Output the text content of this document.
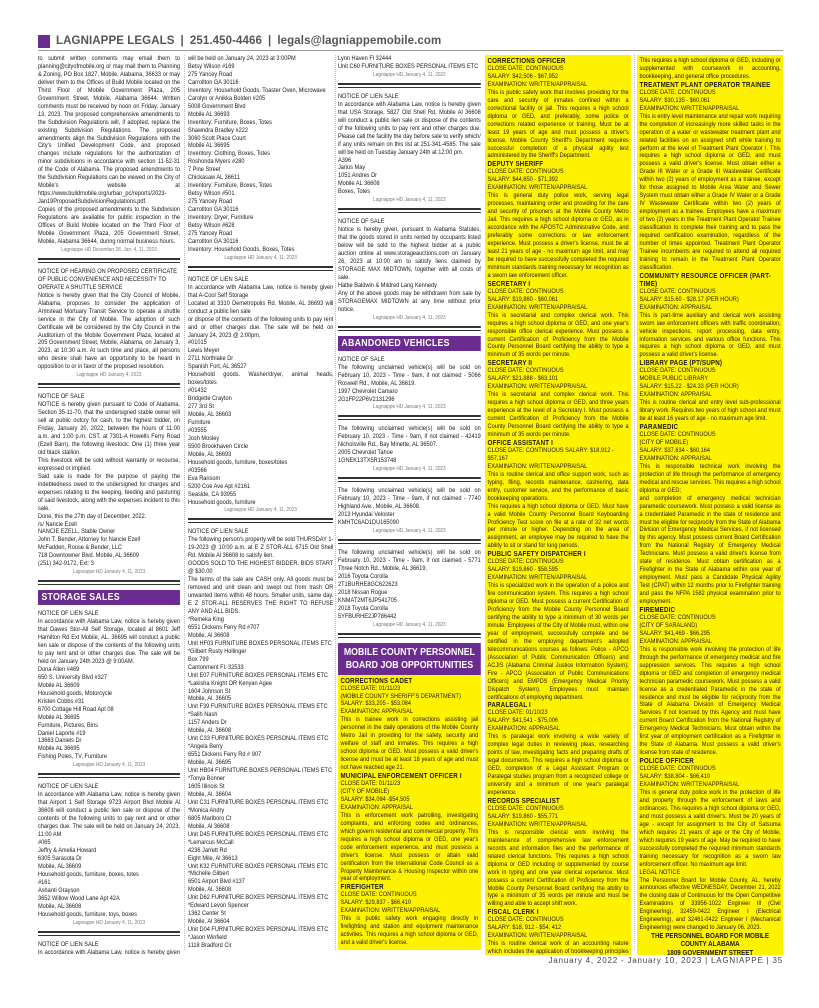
LAGNIAPPE LEGALS | 251.450-4466 | legals@lagniappemobile.com
to submit written comments may email them to planning@cityofmobile.org or may mail them to Planning & Zoning, PO Box 1827, Mobile, Alabama, 36633 or may deliver them to the Offices of Build Mobile located on the Third Floor of Mobile Government Plaza, 205 Government Street, Mobile, Alabama 36644. Written comments must be received by noon on Friday, January 13, 2023. The proposed comprehensive amendments to the Subdivision Regulations will, if adopted, replace the existing Subdivision Regulations. The proposed amendments align the Subdivision Regulations with the City's Unified Development Code, and proposed changes include regulations for the authorization of minor subdivisions in accordance with section 11-52-31 of the Code of Alabama. The proposed amendments to the Subdivision Regulations can be viewed on the City of Mobile's website at https://www.buildmobile.org/urban_pc/reports/2023-Jan19ProposedSubdivisionRegulations.pdf.
Copies of the proposed amendments to the Subdivision Regulations are available for public inspection in the Offices of Build Mobile located on the Third Floor of Mobile Government Plaza, 205 Government Street, Mobile, Alabama 36644, during normal business hours.
Lagniappe HD December 28, Jan. 4, 11, 2023
NOTICE OF HEARING ON PROPOSED CERTIFICATE OF PUBLIC CONVENIENCE AND NECESSITY TO OPERATE A SHUTTLE SERVICE
Notice is hereby given that the City Council of Mobile, Alabama, proposes to consider the application of Armstead Mortuary Transit Service to operate a shuttle service in the City of Mobile. The adoption of such Certificate will be considered by the City Council in the Auditorium of the Mobile Government Plaza, located at 205 Government Street, Mobile, Alabama, on January 3, 2023, at 10:30 a.m. At such time and place, all persons who desire shall have an opportunity to be heard in opposition to or in favor of the proposed resolution.
Lagniappe HD January 4, 2023
NOTICE OF SALE
NOTICE is hereby given pursuant to Code of Alabama, Section 35-11-70, that the undersigned stable owner will sell at public outcry for cash, to the highest bidder, on Friday, January 20, 2022, between the hours of 11:00 a.m. and 1:00 p.m. CST, at 7301-A Howells Ferry Road (Ezell Barn), the following livestock: One (1) three year old black stallion.
This livestock will be sold without warranty or recourse, expressed or implied.
Said sale is made for the purpose of paying the indebtedness owed to the undersigned for charges and expenses relating to the keeping, feeding and pasturing of said livestock, along with the expenses incident to this sale.
Done, this the 27th day of December, 2022.
/s/ Nancie Ezell
NANCIE EZELL, Stable Owner
John T. Bender, Attorney for Nancie Ezell
McFadden, Rouse & Bender, LLC
718 Downtowner Blvd. Mobile, AL 36609
(251) 342-9172, Ext: 3
Lagniappe HD January 4, 11, 2023
STORAGE SALES
NOTICE OF LIEN SALE
In accordance with Alabama Law, notice is hereby given that Dawes Stor-All Self Storage, located at 8601 Jeff Hamilton Rd Ext Mobile, AL. 36695 will conduct a public lien sale or dispose of the contents of the following units to pay rent and or other charges due. The sale will be held on January 24th 2023 @ 9:00AM.
Dona Allen #469
650 S. University Blvd #327
Mobile AL 36609
Household goods, Motorcycle
Kristen Cobbs #31
6700 Cottage Hill Road Apt 08
Mobile AL 36695
Furniture, Pictures, Bins
Daniel Laporte #19
13663 Daniels Dr
Mobile AL 36695
Fishing Poles, TV, Furniture
Lagniappe HD January 4, 11, 2023
NOTICE OF LIEN SALE
In accordance with Alabama Law, notice is hereby given that Airport 1 Self Storage 9723 Airport Blvd Mobile Al 36608 will conduct a public lien sale or dispose of the contents of the following units to pay rent and or other charges due. The sale will be held on January 24, 2023, 11:00 AM
#065
Jeffry & Amelia Howard
6305 Sarasota Dr
Mobile, AL 36609
Household goods, furniture, boxes, totes
#161
Ashanti Grayson
3652 Willow Wood Lane Apt 42A
Mobile, AL 36608
Household goods, furniture, toys, boxes
Lagniappe HD January 4, 11, 2023
NOTICE OF LIEN SALE
In accordance with Alabama Law, notice is hereby given
will be held on January 24, 2023 at 3:00PM
Betsy Wilson #169
275 Yancey Road
Carrollton GA 30116
Inventory: Household Goods, Toaster Oven, Microwave
Carolyn or Anikka Bolden #205
5008 Government Blvd
Mobile AL 36693
Inventory: Furniture, Boxes, Totes
Shawndra Bradley #222
3060 Scott Place Court
Mobile AL 36695
Inventory: Clothing, Boxes, Totes
Roshonda Myers #280
7 Pine Street
Chickasaw AL 36611
Inventory: Furniture, Boxes, Totes
Betsy Wilson #501
275 Yancey Road
Carrollton GA 30116
Inventory: Dryer, Furniture
Betsy Wilson #628
275 Yancey Road
Carrollton GA 30116
Inventory: Household Goods, Boxes, Totes
Lagniappe HD January 4, 11, 2023
NOTICE OF LIEN SALE
In accordance with Alabama Law, notice is hereby given that A-Cool Self Storage
Located at 3310 Demetropolis Rd. Mobile, AL 36693 will conduct a public lien sale
or dispose of the contents of the following units to pay rent and or other charges due. The sale will be held on January 24, 2023 @ 2:00pm.
#01015
Lewis Meyer
2711 Northlake Dr
Spanish Fort, AL 36527
Household goods. Washer/dryer, animal heads, boxes/totes
#01432
Bridgette Crayton
277 3rd St
Mobile, AL 36603
Furniture
#03555
Josh Mosley
5500 Brookhaven Circle
Mobile, AL 36693
Household goods, furniture, boxes/totes
#03566
Eva Ransom
5200 Coe Ave Apt #2161
Seaside, CA 93955
Household goods, furniture
Lagniappe HD January 4, 11, 2023
NOTICE OF LIEN SALE
The following person's property will be sold THURSDAY 1-19-2023 @ 10:00 a.m. at E Z STOR-ALL 6715 Old Shell Rd. Mobile Al 36608 to satisfy lien.
GOODS SOLD TO THE HIGHEST BIDDER. BIDS START @ $30.00
The terms of the sale are CASH only. All goods must be removed and unit clean and swept out from trash OR unwanted items within 48 hours. Smaller units, same day. E Z STOR-ALL RESERVES THE RIGHT TO REFUSE ANY AND ALL BIDS.
*Remeka King
6551 Dickens Ferry Rd #707
Mobile, Al 36608
Unit HF03 FURNITURE BOXES PERSONAL ITEMS ETC
*Gilbert Rusty Hollinger
Box 799
Cantonment Fl. 32533
Unit E07 FURNITURE BOXES PERSONAL ITEMS ETC
*Lakisha Knight OR Kenyan Agee
1604 Johnson St
Mobile, Al. 36605
Unit F39 FURNITURE BOXES PERSONAL ITEMS ETC
*Salih Nash
1157 Anders Dr
Mobile, Al. 36608
Unit C33 FURNITURE BOXES PERSONAL ITEMS ETC
*Angela Berry
6551 Dickens Ferry Rd # 907
Mobile, Al. 36695
Unit HB04 FURNITURE BOXES PERSONAL ITEMS ETC
*Tonya Bonner
1605 Illinois St
Mobile, Al. 36604
Unit C31 FURNITURE BOXES PERSONAL ITEMS ETC
*Monica Andry
6805 Marlboro Ct
Mobile, Al 36608
Unit D45 FURNITURE BOXES PERSONAL ITEMS ETC
*Lemarcus McCall
4236 Jarrett Rd
Eight Mile, Al 36613
Unit K32 FURNITURE BOXES PERSONAL ITEMS ETC
*Michelle Gilbert
6501 Airport Blvd #137
Mobile, Al. 36608
Unit D62 FURNITURE BOXES PERSONAL ITEMS ETC
*Edward Levon Spencer
1362 Center St
Mobile, Al 36604
Unit D04 FURNITURE BOXES PERSONAL ITEMS ETC
*Jason Winfield
1118 Bradford Cir
Lynn Haven Fl 32444
Unit C60 FURNITURE BOXES PERSONAL ITEMS ETC
Lagniappe HD January 4, 11, 2022
NOTICE OF LIEN SALE
In accordance with Alabama Law, notice is hereby given that USA Storage, 5827 Old Shell Rd, Mobile Al 36608 will conduct a public lien sale or dispose of the contents of the following units to pay rent and other charges due. Please call the facility the day before sale to verify which/ if any units remain on this list at 251-341-4585. The sale will be held on Tuesday January 24th at 12:00 pm.
A396
Jarius May
1051 Andres Dr
Mobile AL 36608
Boxes, Totes
Lagniappe HD January 4, 11, 2023
NOTICE OF SALE
Notice is hereby given, pursuant to Alabama Statutes, that the goods stored in units rented by occupants listed below will be sold to the highest bidder at a public auction online at www.storageauctions.com on January 26, 2023 at 10:00 am to satisfy liens claimed by STORAGE MAX MIDTOWN, together with all costs of sale.
Hattie Baldwin & Mildred Lang Kennedy
Any of the above goods may be withdrawn from sale by STORAGEMAX MIDTOWN at any time without prior notice.
Lagniappe HD January 4, 11, 2023
ABANDONED VEHICLES
NOTICE OF SALE
The following unclaimed vehicle(s) will be sold on February 10, 2023 - Time - 9am, if not claimed - 5066 Roswell Rd., Mobile, AL 36619.
1997 Chevrolet Camaro
2G1FP22P6V2131296
Lagniappe HD January 4, 11, 2023
The following unclaimed vehicle(s) will be sold on February 10, 2023 - Time - 9am, if not claimed - 42419 Nicholsville Rd., Bay Minette, AL 36507.
2005 Chevrolet Tahoe
1GNEK13TX5R153748
Lagniappe HD January 4, 11, 2023
The following unclaimed vehicle(s) will be sold on February 10, 2023 - Time - 9am, if not claimed - 7740 Highland Ave., Mobile, AL 36608.
2013 Hyundai Veloster
KMHTC6AD1DU165090
Lagniappe HD January 4, 11, 2023
The following unclaimed vehicle(s) will be sold on February 10, 2023 - Time - 9am, if not claimed - 5771 Three Notch Rd., Mobile, AL 36619.
2016 Toyota Corolla
2T1BURHE8GC622623
2018 Nissan Rogue
KNMAT2MT6JP541705
2018 Toyota Corolla
5YFBURHE2JP786442
Lagniappe HD January 4, 11, 2023
MOBILE COUNTY PERSONNEL BOARD JOB OPPORTUNITIES
CORRECTIONS CADET
CLOSE DATE: 01/11/23
(MOBILE COUNTY SHERIFF'S DEPARTMENT)
SALARY: $33,205 - $53,084
EXAMINATION: APPRAISAL
This is trainee work in corrections assisting jail personnel in the daily operations of the Mobile County Metro Jail in providing for the safety, security and welfare of staff and inmates. This requires a high school diploma or GED. Must possess a valid driver's license and must be at least 18 years of age and must not have reached age 21.
MUNICIPAL ENFORCEMENT OFFICER I
CLOSE DATE: 01/11/23
(CITY OF MOBILE)
SALARY: $34,094 -$54,505
EXAMINATION: APPRAISAL
This is enforcement work patrolling, investigating complaints, and enforcing codes and ordinances, which govern residential and commercial property. This requires a high school diploma or GED, one year's code enforcement experience, and must possess a driver's license. Must possess or attain valid certification from the International Code Council as a Property Maintenance & Housing Inspector within one year of employment.
FIREFIGHTER
CLOSE DATE: CONTINUOUS
SALARY: $29,837 - $66,410
EXAMINATION: WRITTEN/APPRAISAL
This is public safety work engaging directly in firefighting and station and equipment maintenance activities. This requires a high school diploma or GED, and a valid driver's license.
CORRECTIONS OFFICER
CLOSE DATE: CONTINUOUS
SALARY: $42,506 - $67,952
EXAMINATION: WRITTEN/APPRAISAL
This is public safety work that involves providing for the care and security of inmates confined within a correctional facility or jail. This requires a high school diploma or GED, and preferably, some police or corrections related experience or training. Must be at least 19 years of age and must possess a driver's license. Mobile County Sheriff's Department requires successful completion of a physical agility test administered by the Sheriff's Department.
DEPUTY SHERIFF
CLOSE DATE: CONTINUOUS
SALARY: $44,650 - $71,392
EXAMINATION: WRITTEN/APPRAISAL
This is general duty police work, serving legal processes, maintaining order and providing for the care and security of prisoners at the Mobile County Metro Jail. This requires a high school diploma or GED, as in accordance with the APOSTC Administrative Code, and preferably some corrections or law enforcement experience. Must possess a driver's license, must be at least 21 years of age - no maximum age limit, and may be required to have successfully completed the required minimum standards training necessary for recognition as a sworn law enforcement officer.
SECRETARY I
CLOSE DATE: CONTINUOUS
SALARY: $19,860 - $60,061
EXAMINATION: WRITTEN/APPRAISAL
This is secretarial and complex clerical work. This requires a high school diploma or GED, and one year's responsible office clerical experience. Must possess a current Certification of Proficiency from the Mobile County Personnel Board certifying the ability to type a minimum of 35 words per minute.
SECRETARY II
CLOSE DATE: CONTINUOUS
SALARY: $21,888 - $63,101
EXAMINATION: WRITTEN/APPRAISAL
This is secretarial and complex clerical work. This requires a high school diploma or GED, and three years experience at the level of a Secretary I. Must possess a current Certification of Proficiency from the Mobile County Personnel Board certifying the ability to type a minimum of 35 words per minute.
OFFICE ASSISTANT I
CLOSE DATE: CONTINUOUS SALARY: $18,912 - $57,167
EXAMINATION: WRITTEN/APPRAISAL
This is routine clerical and office support work, such as typing, filing, records maintenance, cashiering, data entry, customer service, and the performance of basic bookkeeping operations.
This requires a high school diploma or GED. Must have a valid Mobile County Personnel Board Keyboarding Proficiency Test score on file at a rate of 32 net words per minute or higher. Depending on the area of assignment, an employee may be required to have the ability to sit or stand for long periods.
PUBLIC SAFETY DISPATCHER I
CLOSE DATE: CONTINUOUS
SALARY: $19,860 - $58,595
EXAMINATION: WRITTEN/APPRAISAL
This is specialized work in the operation of a police and fire communication system. This requires a high school diploma or GED. Must possess a current Certification of Proficiency from the Mobile County Personnel Board certifying the ability to type a minimum of 30 words per minute. Employees of the City of Mobile must, within one year of employment, successfully complete and be certified in the employing department's adopted telecommunications courses as follows: Police - APCO (Association of Public Communication Officers) and ACJIS (Alabama Criminal Justice Information System); Fire - APCO (Association of Public Communications Officers) and EMPDS (Emergency Medical Priority Dispatch System). Employees must maintain certifications of employing department.
PARALEGAL I
CLOSE DATE: 01/10/23
SALARY: $41,541 - $75,006
EXAMINATION: APPRAISAL
This is paralegal work involving a wide variety of complex legal duties in reviewing pleas, researching points of law, investigating facts and preparing drafts of legal documents. This requires a high school diploma or GED, completion of a Legal Assistant Program or Paralegal studies program from a recognized college or university and a minimum of one year's paralegal experience.
RECORDS SPECIALIST
CLOSE DATE: CONTINUOUS
SALARY: $19,860 - $55,771
EXAMINATION: WRITTEN/APPRAISAL
This is responsible clerical work involving the maintenance of comprehensive law enforcement records and information files and the performance of related clerical functions. This requires a high school diploma or GED including or supplemented by course work in typing and one year clerical experience. Must possess a current Certification of Proficiency from the Mobile County Personnel Board certifying the ability to type a minimum of 35 words per minute and must be willing and able to accept shift work.
FISCAL CLERK I
CLOSE DATE: CONTINUOUS
SALARY: $18, 912 - $54, 412
EXAMINATION: WRITTEN/APPRAISAL
This is routine clerical work of an accounting nature which includes the application of bookkeeping principles
This requires a high school diploma or GED, including or supplemented with coursework in accounting, bookkeeping, and general office procedures.
TREATMENT PLANT OPERATOR TRAINEE
CLOSE DATE: CONTINUOUS
SALARY: $30,135 - $60,061
EXAMINATION: WRITTEN/APPRAISAL
This is entry level maintenance and repair work requiring the completion of increasingly more skilled tasks in the operation of a water or wastewater treatment plant and related facilities on an assigned shift while training to perform at the level of Treatment Plant Operator I. This requires a high school diploma or GED, and must possess a valid driver's license. Must obtain either a Grade III Water or a Grade III Wastewater Certificate within two (2) years of employment as a trainee, except for those assigned to Mobile Area Water and Sewer System must obtain either a Grade IV Water or a Grade IV Wastewater Certificate within two (2) years of employment as a trainee. Employees have a maximum of two (2) years in the Treatment Plant Operator Trainee classification to complete their training and to pass the required certification examination, regardless of the number of times appointed. Treatment Plant Operator Trainee incumbents are required to attend all required training to remain in the Treatment Plant Operator classification.
COMMUNITY RESOURCE OFFICER (PART-TIME)
CLOSE DATE: CONTINUOUS
SALARY: $15.60 - $28.17 (PER HOUR)
EXAMINATION: APPRAISAL
This is part-time auxiliary and clerical work assisting sworn law enforcement officers with traffic coordination, vehicle inspections, report processing, data entry, information services and various office functions. This requires a high school diploma or GED, and must possess a valid driver's license.
LIBRARY PAGE (PT/SUPN)
CLOSE DATE: CONTINUOUS
MOBILE PUBLIC LIBRARY
SALARY: $15.22 - $24.33 (PER HOUR)
EXAMINATION: APPRAISAL
This is routine clerical and entry level sub-professional library work. Requires two years of high school and must be at least 16 years of age - no maximum age limit.
PARAMEDIC
CLOSE DATE: CONTINUOUS
(CITY OF MOBILE)
SALARY: $37,634 - $60,164
EXAMINATION: APPRAISAL
This is responsible technical work involving the protection of life through the performance of emergency medical and rescue services. This requires a high school diploma or GED;
and completion of emergency medical technician paramedic coursework. Must possess a valid license as a credentialed Paramedic in the state of residence and must be eligible for reciprocity from the State of Alabama Division of Emergency Medical Services, if not licensed by this agency. Must possess current Board Certification from the National Registry of Emergency Medical Technicians. Must possess a valid driver's license from state of residence. Must obtain certification as a Firefighter in the State of Alabama within one year of employment. Must pass a Candidate Physical Agility Test (CPAT) within 12 months prior to Firefighter training and pass the NFPA 1582 physical examination prior to employment.
FIREMEDIC
CLOSE DATE: CONTINUOUS
(CITY OF SARALAND)
SALARY: $41,469 - $66,295
EXAMINATION: APPRAISAL
This is responsible work involving the protection of life through the performance of emergency medical and fire suppression services. This requires a high school diploma or GED and completion of emergency medical technician paramedic coursework. Must possess a valid license as a credentialed Paramedic in the state of residence and must be eligible for reciprocity from the State of Alabama Division of Emergency Medical Services if not licensed by this Agency and must have current Board Certification from the National Registry of Emergency Medical Technicians. Must obtain within the first year of employment certification as a Firefighter in the State of Alabama. Must possess a valid driver's license from state of residence.
POLICE OFFICER
CLOSE DATE: CONTINUOUS
SALARY: $38,804 - $66,410
EXAMINATION: WRITTEN/APPRAISAL
This is general duty police work in the protection of life and property through the enforcement of laws and ordinances. This requires a high school diploma or GED, and must possess a valid driver's. Must be 20 years of age - except for assignment to the City of Satsuma which requires 21 years of age or the City of Mobile, which requires 19 years of age. May be required to have successfully completed the required minimum standards training necessary for recognition as a sworn law enforcement officer. No maximum age limit.
LEGAL NOTICE
The Personnel Board for Mobile County, AL, hereby announces effective WEDNESDAY, December 21, 2022 the closing date of Continuous for the Open Competitive Examinations of 33956-1022 Engineer III (Civil Engineering), 32459-0422 Engineer I (Electrical Engineering), and 32461-0422 Engineer I (Mechanical Engineering) were changed to January 06, 2023.
THE PERSONNEL BOARD FOR MOBILE COUNTY ALABAMA
1809 GOVERNMENT STREET
January 4, 2022 - January 10, 2023 | LAGNIAPPE | 35
